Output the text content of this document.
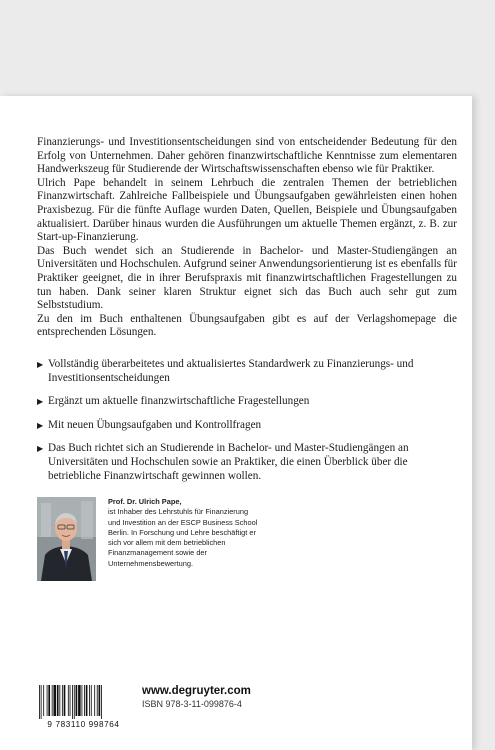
Finanzierungs- und Investitionsentscheidungen sind von entscheidender Bedeutung für den Erfolg von Unternehmen. Daher gehören finanzwirtschaftliche Kenntnisse zum elementaren Handwerkszeug für Studierende der Wirtschaftswissenschaften ebenso wie für Praktiker.

Ulrich Pape behandelt in seinem Lehrbuch die zentralen Themen der betrieblichen Finanzwirtschaft. Zahlreiche Fallbeispiele und Übungsaufgaben gewährleisten einen hohen Praxisbezug. Für die fünfte Auflage wurden Daten, Quellen, Beispiele und Übungsaufgaben aktualisiert. Darüber hinaus wurden die Ausführungen um aktuelle Themen ergänzt, z. B. zur Start-up-Finanzierung.

Das Buch wendet sich an Studierende in Bachelor- und Master-Studiengängen an Universitäten und Hochschulen. Aufgrund seiner Anwendungsorientierung ist es ebenfalls für Praktiker geeignet, die in ihrer Berufspraxis mit finanzwirtschaftlichen Fragestellungen zu tun haben. Dank seiner klaren Struktur eignet sich das Buch auch sehr gut zum Selbststudium.

Zu den im Buch enthaltenen Übungsaufgaben gibt es auf der Verlagshomepage die entsprechenden Lösungen.

▶ Vollständig überarbeitetes und aktualisiertes Standardwerk zu Finanzierungs- und Investitionsentscheidungen
▶ Ergänzt um aktuelle finanzwirtschaftliche Fragestellungen
▶ Mit neuen Übungsaufgaben und Kontrollfragen
▶ Das Buch richtet sich an Studierende in Bachelor- und Master-Studiengängen an Universitäten und Hochschulen sowie an Praktiker, die einen Überblick über die betriebliche Finanzwirtschaft gewinnen wollen.
Prof. Dr. Ulrich Pape,
ist Inhaber des Lehrstuhls für Finanzierung und Investition an der ESCP Business School Berlin. In Forschung und Lehre beschäftigt er sich vor allem mit dem betrieblichen Finanzmanagement sowie der Unternehmensbewertung.
9 783110 998764
www.degruyter.com
ISBN 978-3-11-099876-4
